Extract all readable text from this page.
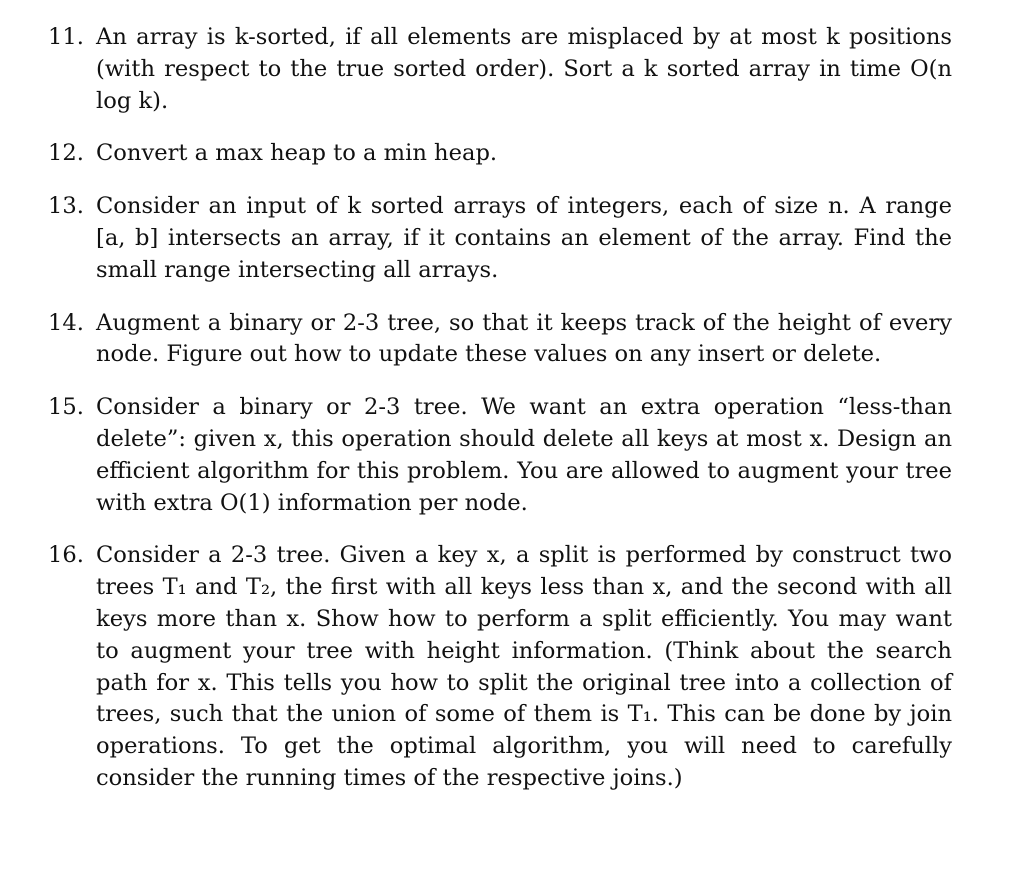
11. An array is k-sorted, if all elements are misplaced by at most k positions (with respect to the true sorted order). Sort a k sorted array in time O(n log k).
12. Convert a max heap to a min heap.
13. Consider an input of k sorted arrays of integers, each of size n. A range [a, b] intersects an array, if it contains an element of the array. Find the small range intersecting all arrays.
14. Augment a binary or 2-3 tree, so that it keeps track of the height of every node. Figure out how to update these values on any insert or delete.
15. Consider a binary or 2-3 tree. We want an extra operation “less-than delete”: given x, this operation should delete all keys at most x. Design an efficient algorithm for this problem. You are allowed to augment your tree with extra O(1) information per node.
16. Consider a 2-3 tree. Given a key x, a split is performed by construct two trees T₁ and T₂, the first with all keys less than x, and the second with all keys more than x. Show how to perform a split efficiently. You may want to augment your tree with height information. (Think about the search path for x. This tells you how to split the original tree into a collection of trees, such that the union of some of them is T₁. This can be done by join operations. To get the optimal algorithm, you will need to carefully consider the running times of the respective joins.)
